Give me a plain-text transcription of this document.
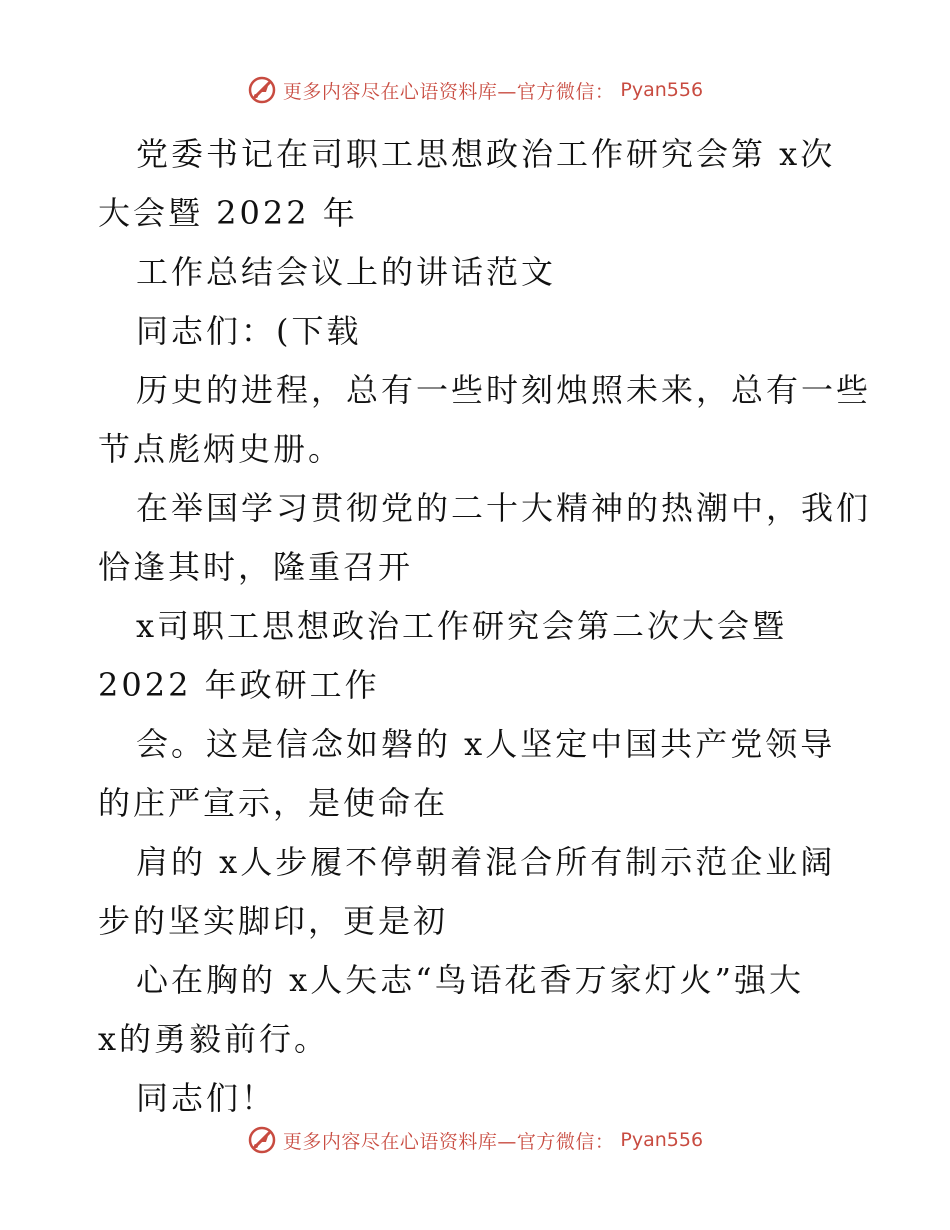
更多内容尽在心语资料库—官方微信： Pyan556
党委书记在司职工思想政治工作研究会第 x次
大会暨 2022 年
工作总结会议上的讲话范文
同志们：(下载
历史的进程，总有一些时刻烛照未来，总有一些
节点彪炳史册。
在举国学习贯彻党的二十大精神的热潮中，我们
恰逢其时，隆重召开
x司职工思想政治工作研究会第二次大会暨
2022 年政研工作
会。这是信念如磐的 x人坚定中国共产党领导
的庄严宣示，是使命在
肩的 x人步履不停朝着混合所有制示范企业阔
步的坚实脚印，更是初
心在胸的 x人矢志“鸟语花香万家灯火”强大
x的勇毅前行。
同志们！
更多内容尽在心语资料库—官方微信： Pyan556
